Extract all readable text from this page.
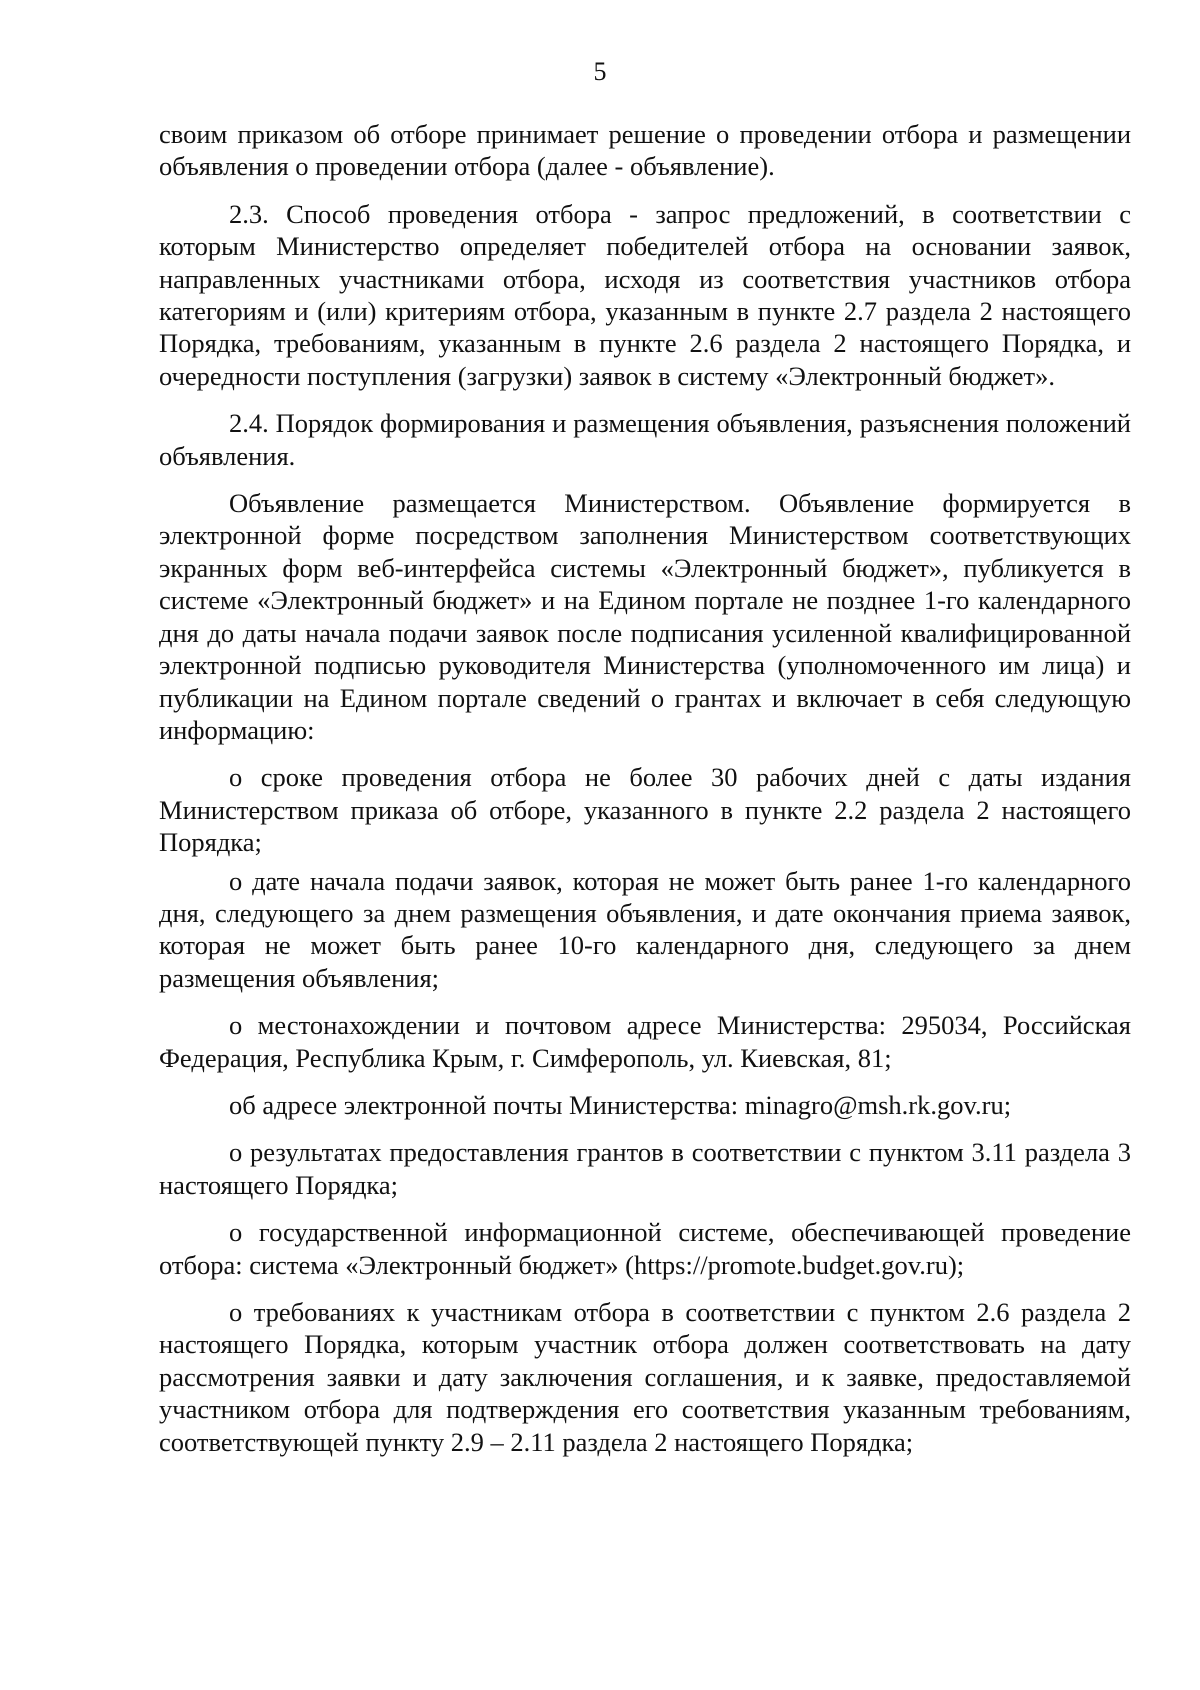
5

своим приказом об отборе принимает решение о проведении отбора и размещении объявления о проведении отбора (далее - объявление).

2.3. Способ проведения отбора - запрос предложений, в соответствии с которым Министерство определяет победителей отбора на основании заявок, направленных участниками отбора, исходя из соответствия участников отбора категориям и (или) критериям отбора, указанным в пункте 2.7 раздела 2 настоящего Порядка, требованиям, указанным в пункте 2.6 раздела 2 настоящего Порядка, и очередности поступления (загрузки) заявок в систему «Электронный бюджет».

2.4. Порядок формирования и размещения объявления, разъяснения положений объявления.

Объявление размещается Министерством. Объявление формируется в электронной форме посредством заполнения Министерством соответствующих экранных форм веб-интерфейса системы «Электронный бюджет», публикуется в системе «Электронный бюджет» и на Едином портале не позднее 1-го календарного дня до даты начала подачи заявок после подписания усиленной квалифицированной электронной подписью руководителя Министерства (уполномоченного им лица) и публикации на Едином портале сведений о грантах и включает в себя следующую информацию:

о сроке проведения отбора не более 30 рабочих дней с даты издания Министерством приказа об отборе, указанного в пункте 2.2 раздела 2 настоящего Порядка;

о дате начала подачи заявок, которая не может быть ранее 1-го календарного дня, следующего за днем размещения объявления, и дате окончания приема заявок, которая не может быть ранее 10-го календарного дня, следующего за днем размещения объявления;

о местонахождении и почтовом адресе Министерства: 295034, Российская Федерация, Республика Крым, г. Симферополь, ул. Киевская, 81;

об адресе электронной почты Министерства: minagro@msh.rk.gov.ru;

о результатах предоставления грантов в соответствии с пунктом 3.11 раздела 3 настоящего Порядка;

о государственной информационной системе, обеспечивающей проведение отбора: система «Электронный бюджет» (https://promote.budget.gov.ru);

о требованиях к участникам отбора в соответствии с пунктом 2.6 раздела 2 настоящего Порядка, которым участник отбора должен соответствовать на дату рассмотрения заявки и дату заключения соглашения, и к заявке, предоставляемой участником отбора для подтверждения его соответствия указанным требованиям, соответствующей пункту 2.9 – 2.11 раздела 2 настоящего Порядка;
